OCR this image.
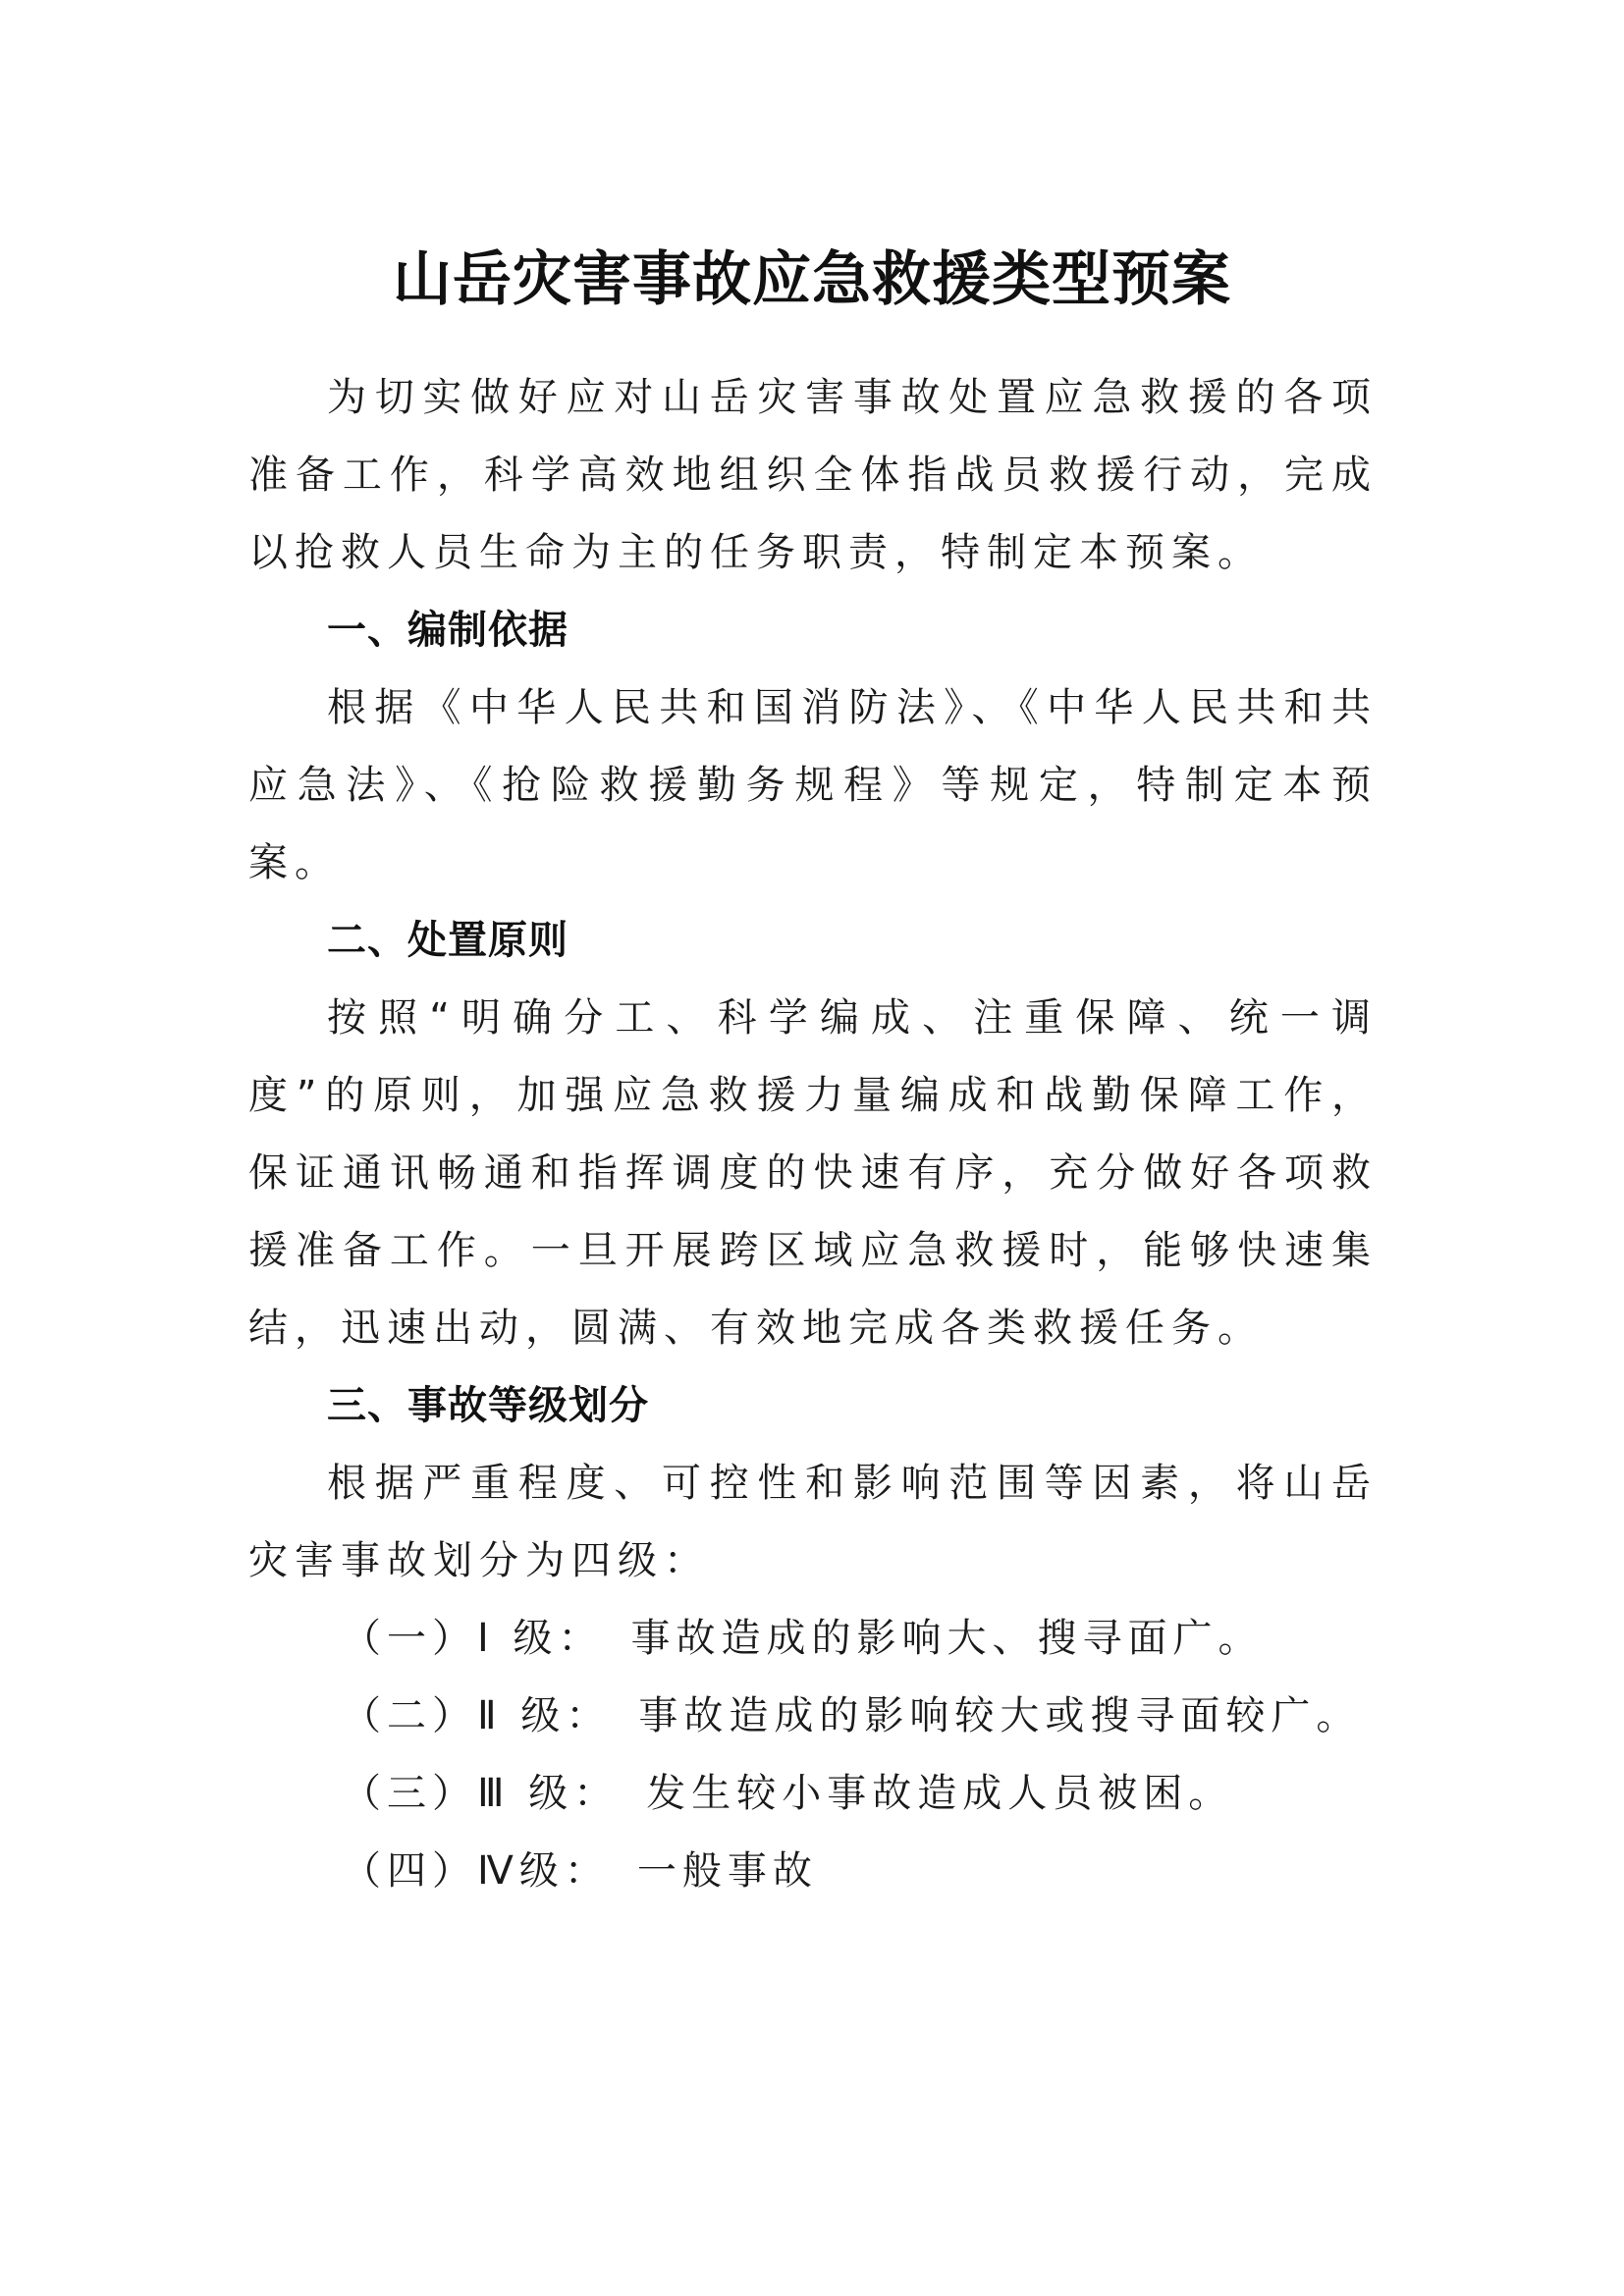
山岳灾害事故应急救援类型预案

为切实做好应对山岳灾害事故处置应急救援的各项准备工作，科学高效地组织全体指战员救援行动，完成以抢救人员生命为主的任务职责，特制定本预案。

一、编制依据

根据《中华人民共和国消防法》、《中华人民共和共应急法》、《抢险救援勤务规程》等规定，特制定本预案。

二、处置原则

按照“明确分工、科学编成、注重保障、统一调度”的原则，加强应急救援力量编成和战勤保障工作，保证通讯畅通和指挥调度的快速有序，充分做好各项救援准备工作。一旦开展跨区域应急救援时，能够快速集结，迅速出动，圆满、有效地完成各类救援任务。

三、事故等级划分

根据严重程度、可控性和影响范围等因素，将山岳灾害事故划分为四级：

（一）Ⅰ 级： 事故造成的影响大、搜寻面广。

（二）Ⅱ 级： 事故造成的影响较大或搜寻面较广。

（三）Ⅲ 级： 发生较小事故造成人员被困。

（四）Ⅳ级： 一般事故
